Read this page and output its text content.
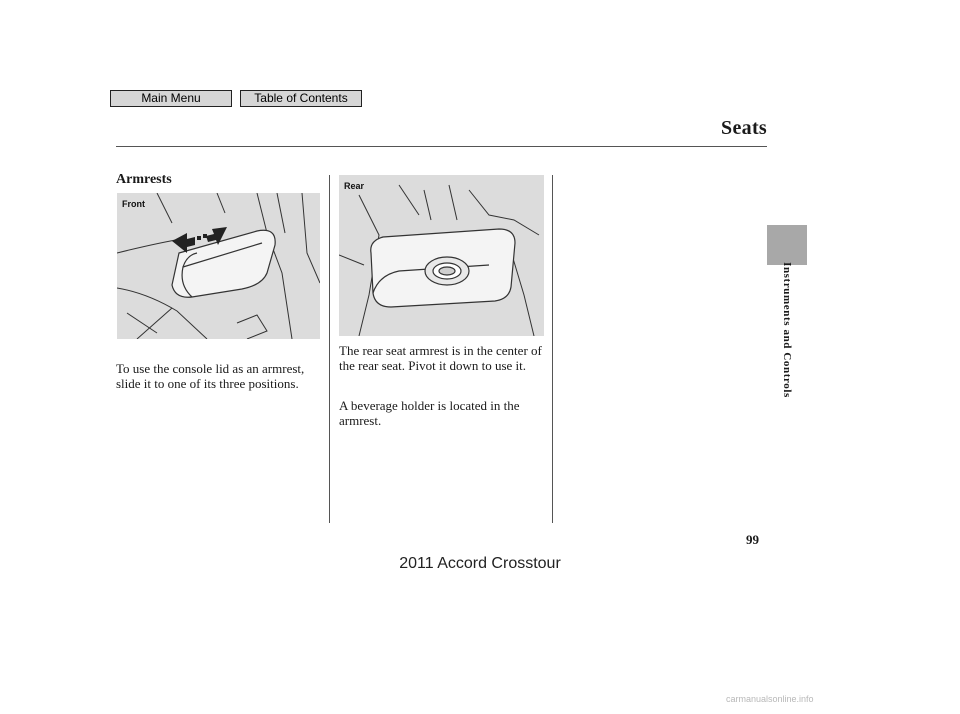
Main Menu	Table of Contents
Seats
Armrests
Front
Rear

To use the console lid as an armrest, slide it to one of its three positions.

The rear seat armrest is in the center of the rear seat. Pivot it down to use it.

A beverage holder is located in the armrest.

Instruments and Controls
99
2011 Accord Crosstour
carmanualsonline.info
